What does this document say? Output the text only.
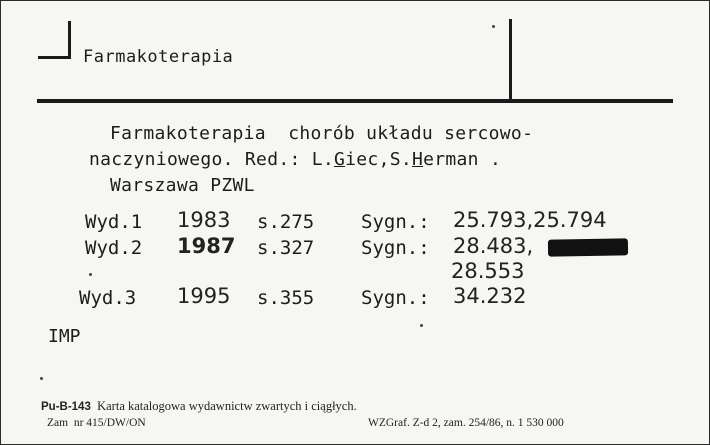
Farmakoterapia
Farmakoterapia  chorób układu sercowo-
naczyniowego. Red.: L.Giec,S.Herman .
Warszawa PZWL
Wyd.1 1983 s.275 Sygn.: 25.793,25.794
Wyd.2 1987 s.327 Sygn.: 28.483,
28.553
Wyd.3 1995 s.355 Sygn.: 34.232
IMP
Pu-B-143 Karta katalogowa wydawnictw zwartych i ciągłych.
Zam  nr 415/DW/ON	WZGraf. Z-d 2, zam. 254/86, n. 1 530 000
